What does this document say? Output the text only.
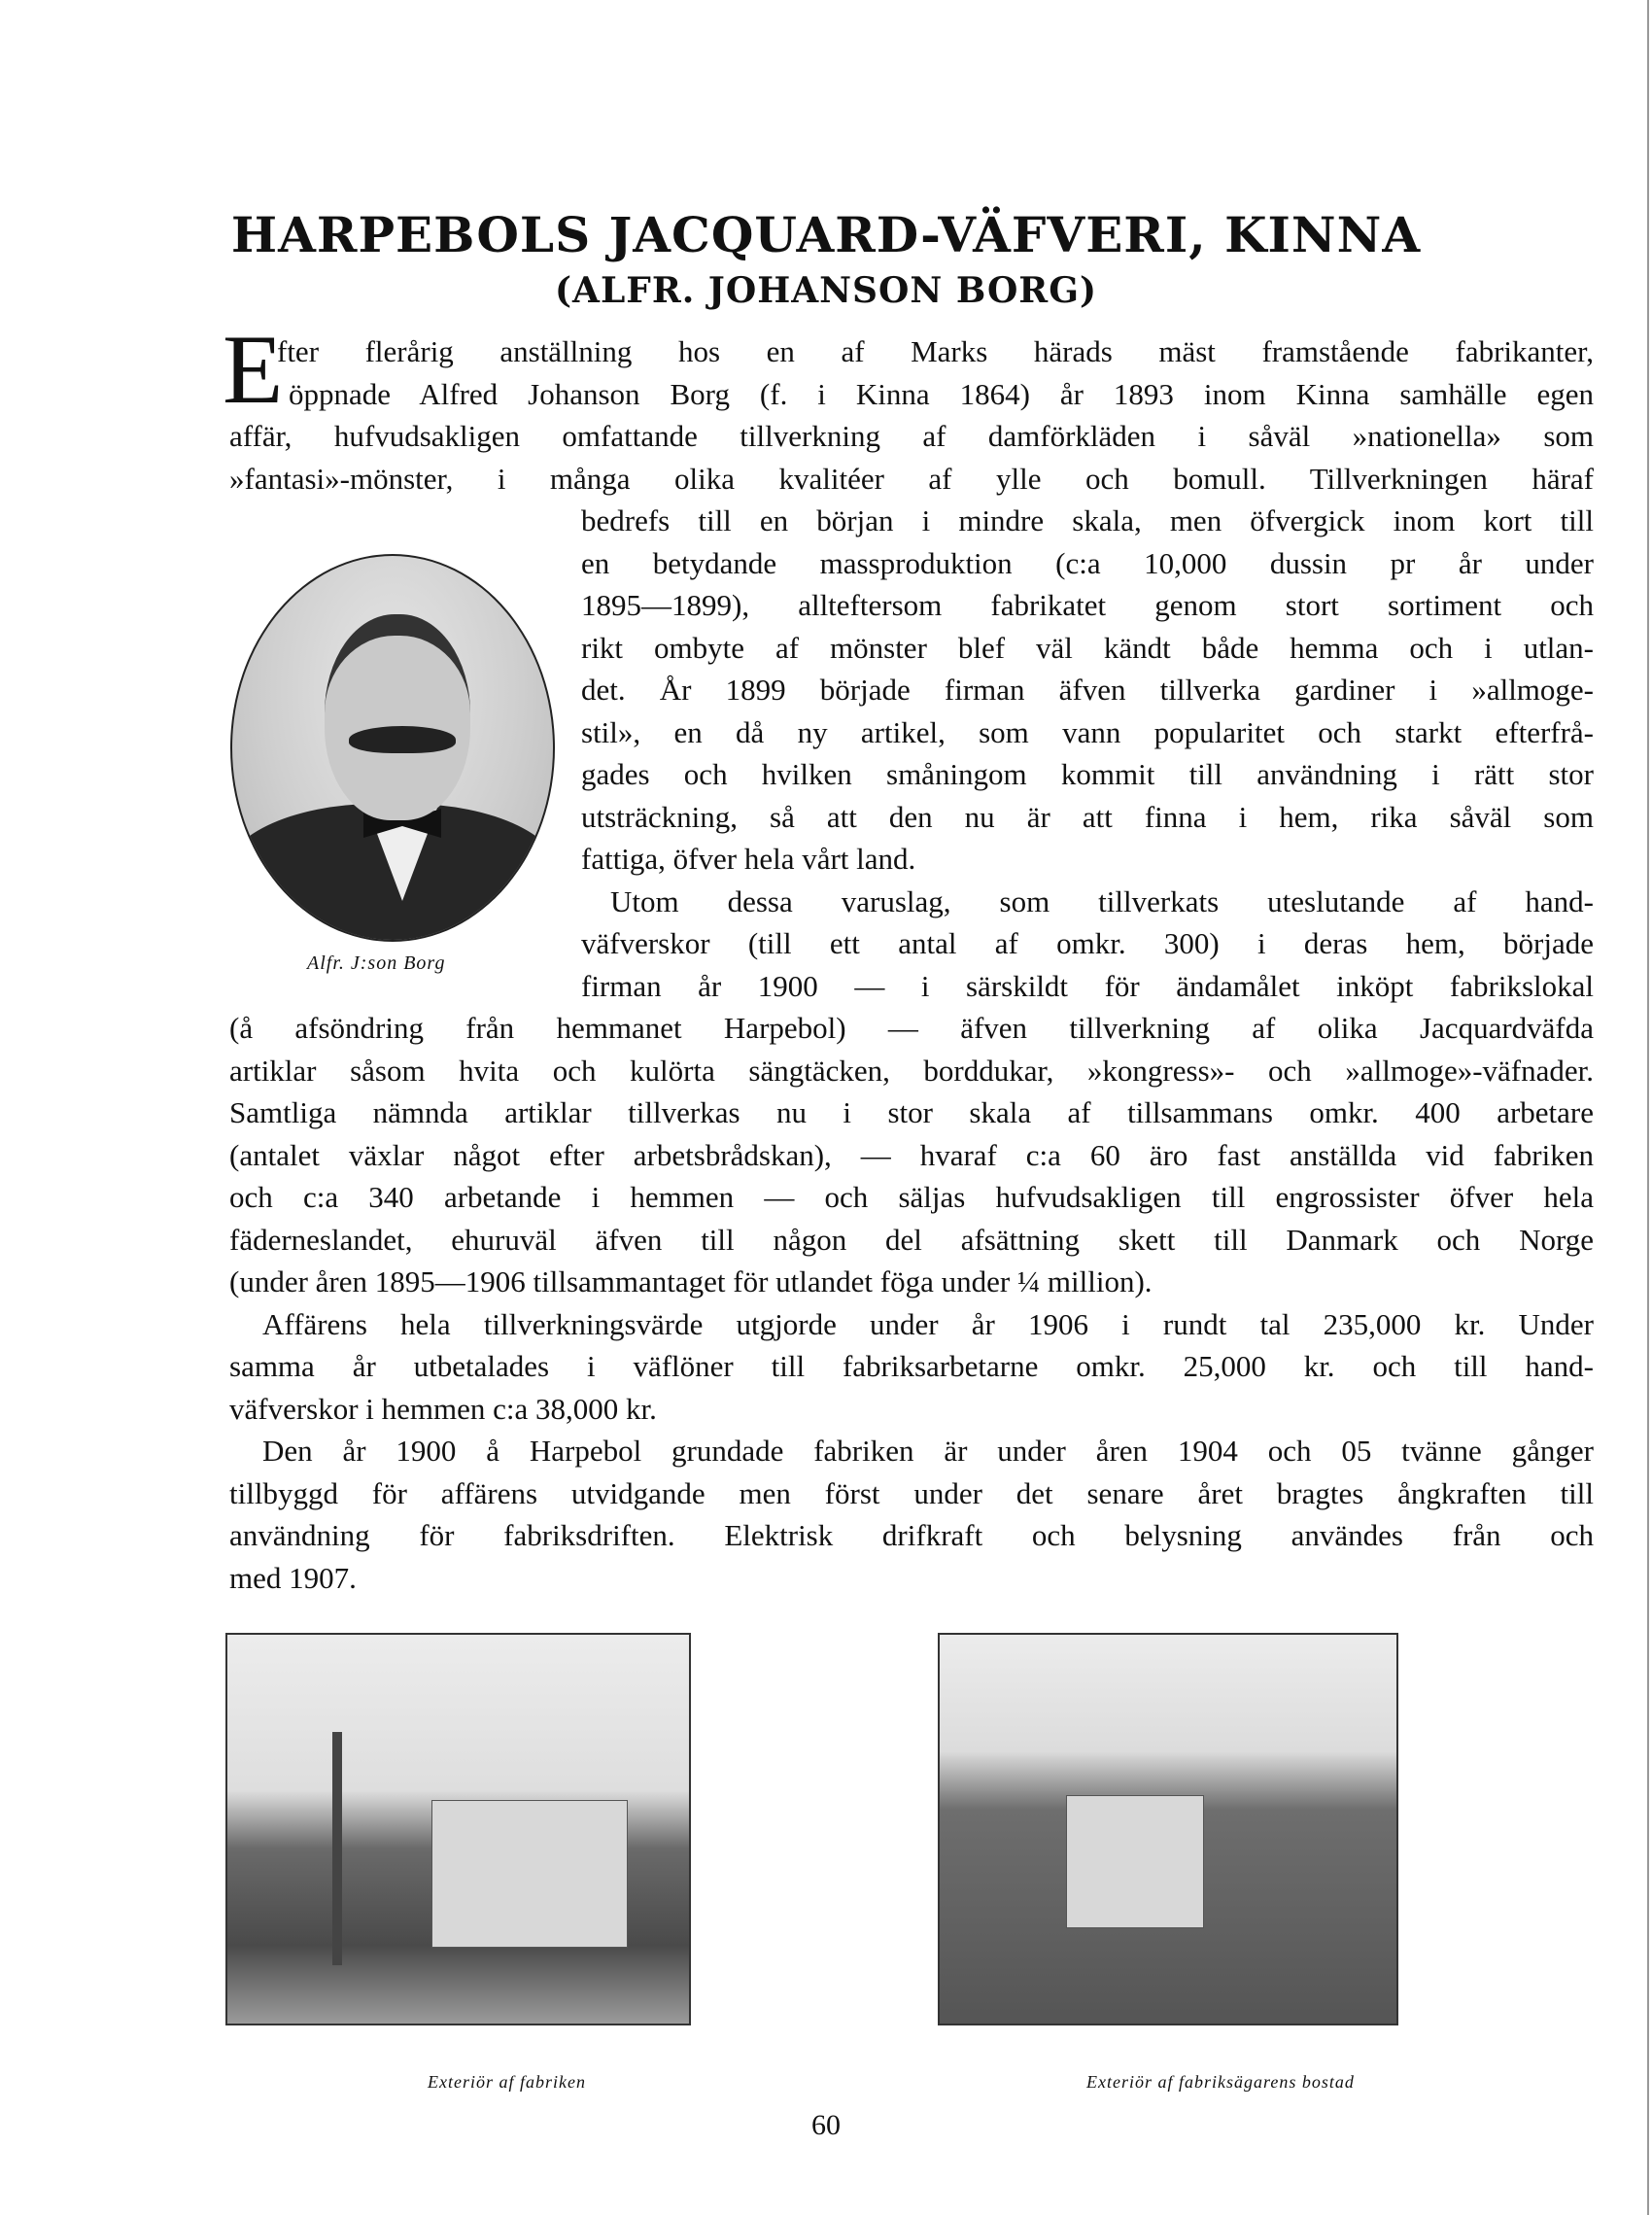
HARPEBOLS JACQUARD-VÄFVERI, KINNA
(ALFR. JOHANSON BORG)
E
fter flerårig anställning hos en af Marks härads mäst framstående fabrikanter,
öppnade Alfred Johanson Borg (f. i Kinna 1864) år 1893 inom Kinna samhälle egen
affär, hufvudsakligen omfattande tillverkning af damförkläden i såväl »nationella» som
»fantasi»-mönster, i många olika kvalitéer af ylle och bomull. Tillverkningen häraf
bedrefs till en början i mindre skala, men öfvergick inom kort till
en betydande massproduktion (c:a 10,000 dussin pr år under
1895—1899), allteftersom fabrikatet genom stort sortiment och
rikt ombyte af mönster blef väl kändt både hemma och i utlan-
det. År 1899 började firman äfven tillverka gardiner i »allmoge-
stil», en då ny artikel, som vann popularitet och starkt efterfrå-
gades och hvilken småningom kommit till användning i rätt stor
utsträckning, så att den nu är att finna i hem, rika såväl som
fattiga, öfver hela vårt land.
Utom dessa varuslag, som tillverkats uteslutande af hand-
väfverskor (till ett antal af omkr. 300) i deras hem, började
firman år 1900 — i särskildt för ändamålet inköpt fabrikslokal
Alfr. J:son Borg
(å afsöndring från hemmanet Harpebol) — äfven tillverkning af olika Jacquardväfda
artiklar såsom hvita och kulörta sängtäcken, borddukar, »kongress»- och »allmoge»-väfnader.
Samtliga nämnda artiklar tillverkas nu i stor skala af tillsammans omkr. 400 arbetare
(antalet växlar något efter arbetsbrådskan), — hvaraf c:a 60 äro fast anställda vid fabriken
och c:a 340 arbetande i hemmen — och säljas hufvudsakligen till engrossister öfver hela
fäderneslandet, ehuruväl äfven till någon del afsättning skett till Danmark och Norge
(under åren 1895—1906 tillsammantaget för utlandet föga under ¼ million).
Affärens hela tillverkningsvärde utgjorde under år 1906 i rundt tal 235,000 kr. Under
samma år utbetalades i väflöner till fabriksarbetarne omkr. 25,000 kr. och till hand-
väfverskor i hemmen c:a 38,000 kr.
Den år 1900 å Harpebol grundade fabriken är under åren 1904 och 05 tvänne gånger
tillbyggd för affärens utvidgande men först under det senare året bragtes ångkraften till
användning för fabriksdriften. Elektrisk drifkraft och belysning användes från och
med 1907.
Exteriör af fabriken	Exteriör af fabriksägarens bostad
60
